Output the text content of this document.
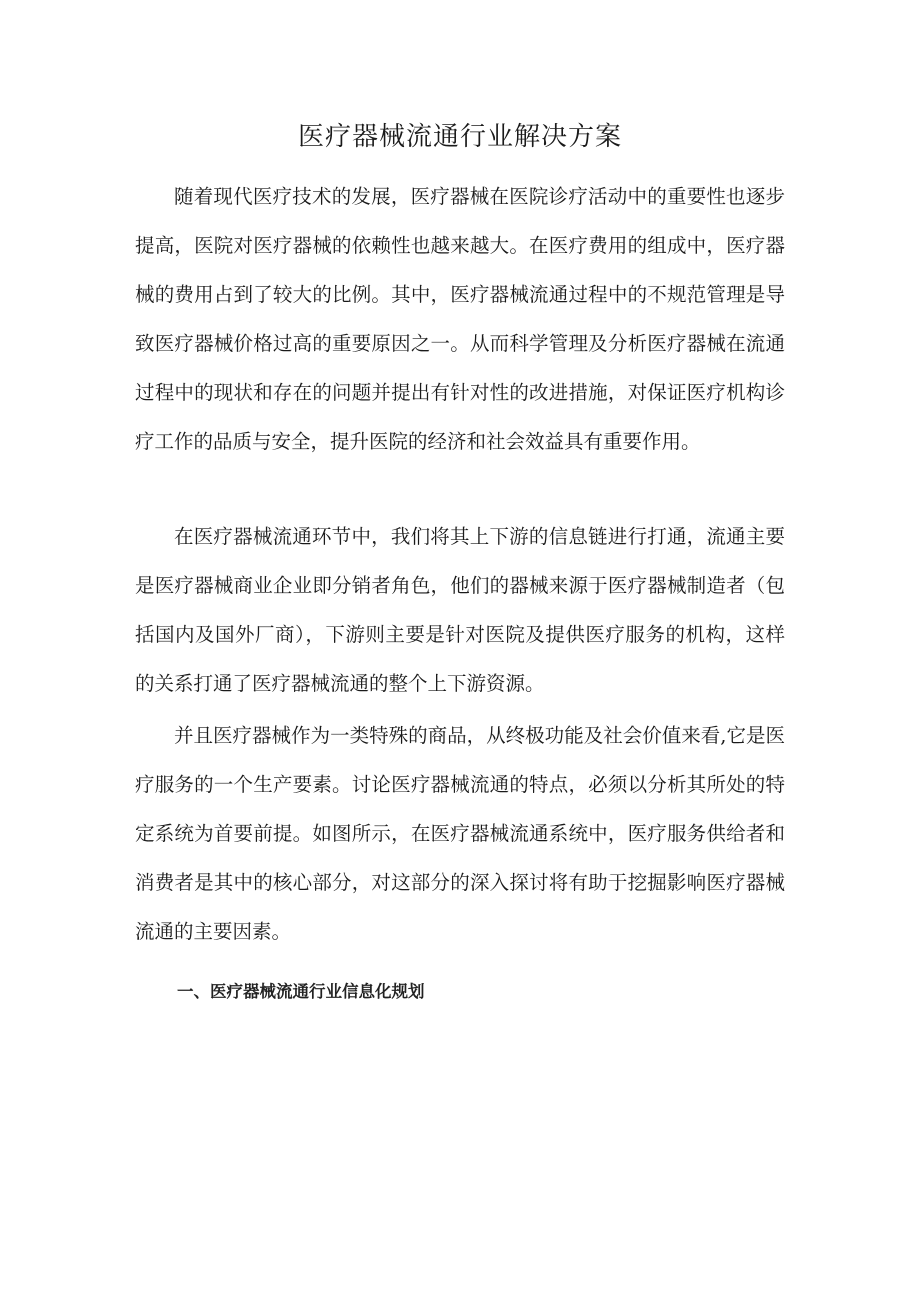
医疗器械流通行业解决方案

随着现代医疗技术的发展，医疗器械在医院诊疗活动中的重要性也逐步提高，医院对医疗器械的依赖性也越来越大。在医疗费用的组成中，医疗器械的费用占到了较大的比例。其中，医疗器械流通过程中的不规范管理是导致医疗器械价格过高的重要原因之一。从而科学管理及分析医疗器械在流通过程中的现状和存在的问题并提出有针对性的改进措施，对保证医疗机构诊疗工作的品质与安全，提升医院的经济和社会效益具有重要作用。

在医疗器械流通环节中，我们将其上下游的信息链进行打通，流通主要是医疗器械商业企业即分销者角色，他们的器械来源于医疗器械制造者（包括国内及国外厂商），下游则主要是针对医院及提供医疗服务的机构，这样的关系打通了医疗器械流通的整个上下游资源。

并且医疗器械作为一类特殊的商品，从终极功能及社会价值来看,它是医疗服务的一个生产要素。讨论医疗器械流通的特点，必须以分析其所处的特定系统为首要前提。如图所示，在医疗器械流通系统中，医疗服务供给者和消费者是其中的核心部分，对这部分的深入探讨将有助于挖掘影响医疗器械流通的主要因素。

一、医疗器械流通行业信息化规划
